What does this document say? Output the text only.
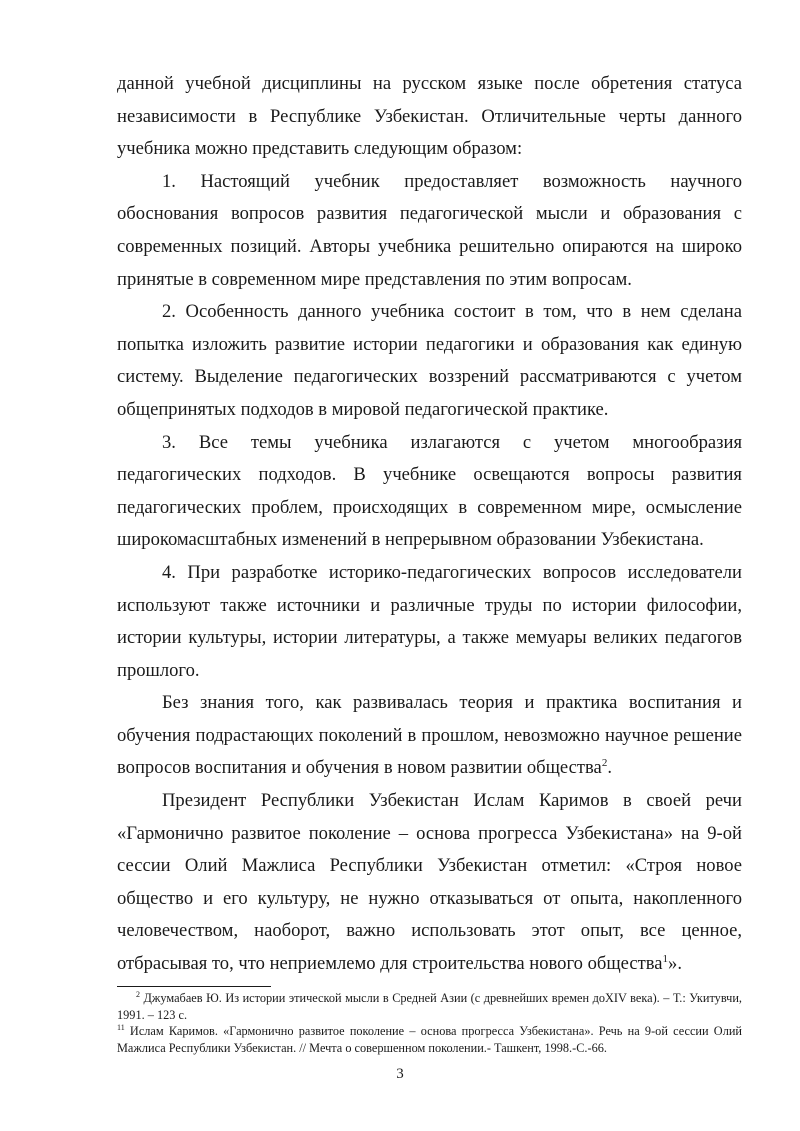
данной учебной дисциплины на русском языке после обретения статуса независимости в Республике Узбекистан. Отличительные черты данного учебника можно представить следующим образом:

1. Настоящий учебник предоставляет возможность научного обоснования вопросов развития педагогической мысли и образования с современных позиций. Авторы учебника решительно опираются на широко принятые в современном мире представления по этим вопросам.

2. Особенность данного учебника состоит в том, что в нем сделана попытка изложить развитие истории педагогики и образования как единую систему. Выделение педагогических воззрений рассматриваются с учетом общепринятых подходов в мировой педагогической практике.

3. Все темы учебника излагаются с учетом многообразия педагогических подходов. В учебнике освещаются вопросы развития педагогических проблем, происходящих в современном мире, осмысление широкомасштабных изменений в непрерывном образовании Узбекистана.

4. При разработке историко-педагогических вопросов исследователи используют также источники и различные труды по истории философии, истории культуры, истории литературы, а также мемуары великих педагогов прошлого.

Без знания того, как развивалась теория и практика воспитания и обучения подрастающих поколений в прошлом, невозможно научное решение вопросов воспитания и обучения в новом развитии общества$^2$.

Президент Республики Узбекистан Ислам Каримов в своей речи «Гармонично развитое поколение – основа прогресса Узбекистана» на 9-ой сессии Олий Мажлиса Республики Узбекистан отметил: «Строя новое общество и его культуру, не нужно отказываться от опыта, накопленного человечеством, наоборот, важно использовать этот опыт, все ценное, отбрасывая то, что неприемлемо для строительства нового общества$^1$».

$^2$ Джумабаев Ю. Из истории этической мысли в Средней Азии (с древнейших времен доXIV века). – Т.: Укитувчи, 1991. – 123 с.

$^{11}$ Ислам Каримов. «Гармонично развитое поколение – основа прогресса Узбекистана». Речь на 9-ой сессии Олий Мажлиса Республики Узбекистан. // Мечта о совершенном поколении.- Ташкент, 1998.-С.-66.

3
